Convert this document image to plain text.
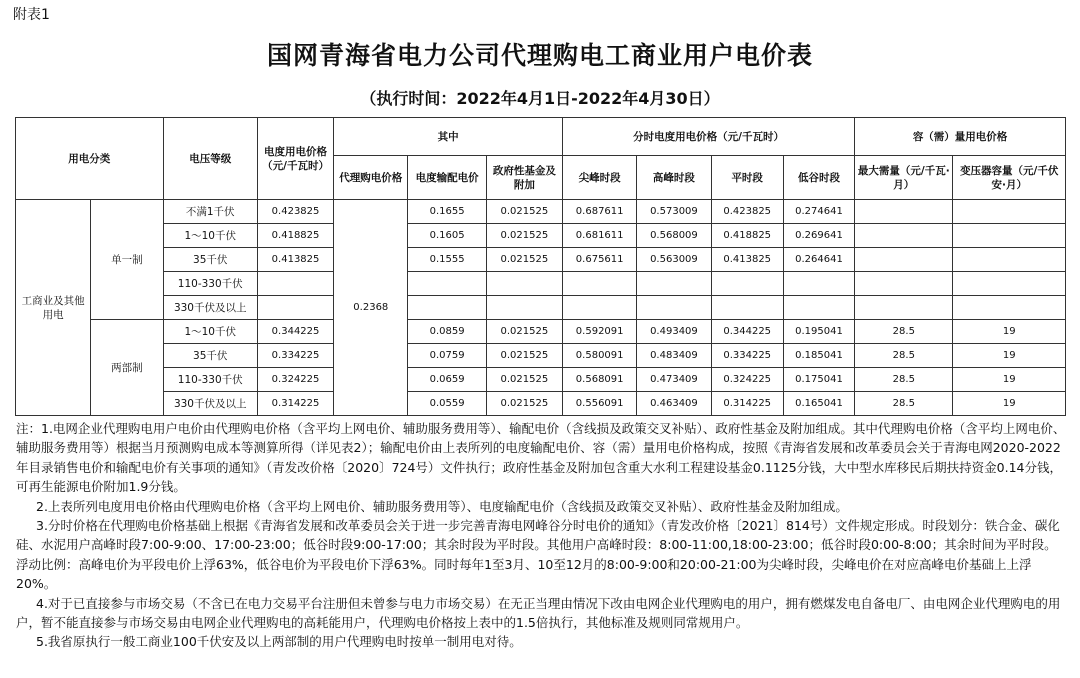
附表1
国网青海省电力公司代理购电工商业用户电价表
（执行时间：2022年4月1日-2022年4月30日）
用电分类		电压等级	电度用电价格（元/千瓦时）	其中			分时电度用电价格（元/千瓦时）				容（需）量用电价格	
				代理购电价格	电度输配电价	政府性基金及附加	尖峰时段	高峰时段	平时段	低谷时段	最大需量（元/千瓦·月）	变压器容量（元/千伏安·月）
工商业及其他用电	单一制	不满1千伏	0.423825	0.2368	0.1655	0.021525	0.687611	0.573009	0.423825	0.274641		
		1～10千伏	0.418825		0.1605	0.021525	0.681611	0.568009	0.418825	0.269641		
		35千伏	0.413825		0.1555	0.021525	0.675611	0.563009	0.413825	0.264641		
		110-330千伏										
		330千伏及以上										
	两部制	1～10千伏	0.344225		0.0859	0.021525	0.592091	0.493409	0.344225	0.195041	28.5	19
		35千伏	0.334225		0.0759	0.021525	0.580091	0.483409	0.334225	0.185041	28.5	19
		110-330千伏	0.324225		0.0659	0.021525	0.568091	0.473409	0.324225	0.175041	28.5	19
		330千伏及以上	0.314225		0.0559	0.021525	0.556091	0.463409	0.314225	0.165041	28.5	19

注：1.电网企业代理购电用户电价由代理购电价格（含平均上网电价、辅助服务费用等）、输配电价（含线损及政策交叉补贴）、政府性基金及附加组成。其中代理购电价格（含平均上网电价、辅助服务费用等）根据当月预测购电成本等测算所得（详见表2）；输配电价由上表所列的电度输配电价、容（需）量用电价格构成，按照《青海省发展和改革委员会关于青海电网2020-2022年目录销售电价和输配电价有关事项的通知》（青发改价格〔2020〕724号）文件执行；政府性基金及附加包含重大水利工程建设基金0.1125分钱，大中型水库移民后期扶持资金0.14分钱，可再生能源电价附加1.9分钱。

2.上表所列电度用电价格由代理购电价格（含平均上网电价、辅助服务费用等）、电度输配电价（含线损及政策交叉补贴）、政府性基金及附加组成。

3.分时价格在代理购电价格基础上根据《青海省发展和改革委员会关于进一步完善青海电网峰谷分时电价的通知》（青发改价格〔2021〕814号）文件规定形成。时段划分：铁合金、碳化硅、水泥用户高峰时段7:00-9:00、17:00-23:00；低谷时段9:00-17:00；其余时段为平时段。其他用户高峰时段：8:00-11:00,18:00-23:00；低谷时段0:00-8:00；其余时间为平时段。浮动比例：高峰电价为平段电价上浮63%，低谷电价为平段电价下浮63%。同时每年1至3月、10至12月的8:00-9:00和20:00-21:00为尖峰时段，尖峰电价在对应高峰电价基础上上浮20%。

4.对于已直接参与市场交易（不含已在电力交易平台注册但未曾参与电力市场交易）在无正当理由情况下改由电网企业代理购电的用户，拥有燃煤发电自备电厂、由电网企业代理购电的用户，暂不能直接参与市场交易由电网企业代理购电的高耗能用户，代理购电价格按上表中的1.5倍执行，其他标准及规则同常规用户。

5.我省原执行一般工商业100千伏安及以上两部制的用户代理购电时按单一制用电对待。
